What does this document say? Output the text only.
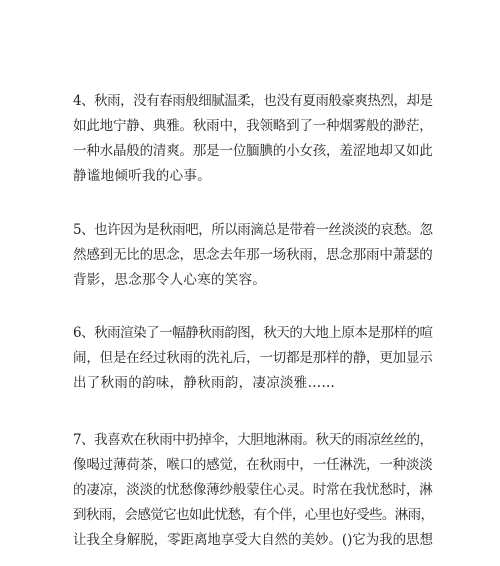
4、秋雨，没有春雨般细腻温柔，也没有夏雨般豪爽热烈，却是
如此地宁静、典雅。秋雨中，我领略到了一种烟雾般的渺茫，
一种水晶般的清爽。那是一位腼腆的小女孩，羞涩地却又如此
静谧地倾听我的心事。

5、也许因为是秋雨吧，所以雨滴总是带着一丝淡淡的哀愁。忽
然感到无比的思念，思念去年那一场秋雨，思念那雨中萧瑟的
背影，思念那令人心寒的笑容。

6、秋雨渲染了一幅静秋雨韵图，秋天的大地上原本是那样的喧
闹，但是在经过秋雨的洗礼后，一切都是那样的静，更加显示
出了秋雨的韵味，静秋雨韵，凄凉淡雅……

7、我喜欢在秋雨中扔掉伞，大胆地淋雨。秋天的雨凉丝丝的，
像喝过薄荷茶，喉口的感觉，在秋雨中，一任淋洗，一种淡淡
的凄凉，淡淡的忧愁像薄纱般蒙住心灵。时常在我忧愁时，淋
到秋雨，会感觉它也如此忧愁，有个伴，心里也好受些。淋雨，
让我全身解脱，零距离地享受大自然的美妙。()它为我的思想
